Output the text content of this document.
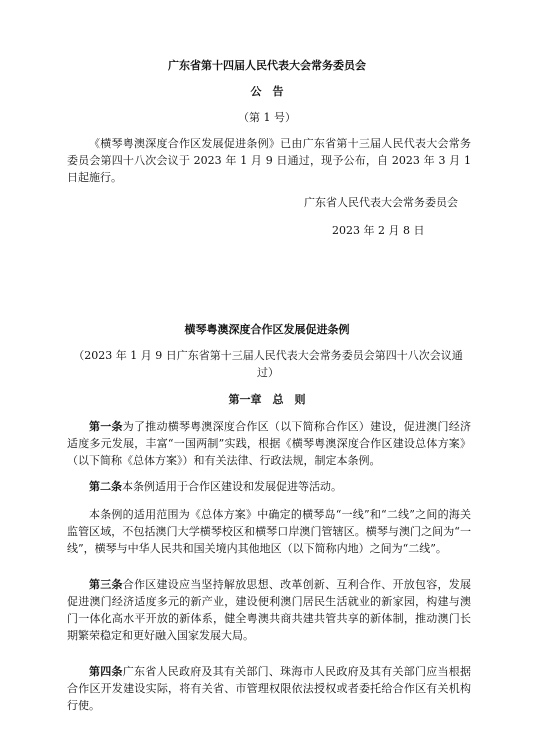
广东省第十四届人民代表大会常务委员会
公　告
（第 1 号）

《横琴粤澳深度合作区发展促进条例》已由广东省第十三届人民代表大会常务委员会第四十八次会议于 2023 年 1 月 9 日通过，现予公布，自 2023 年 3 月 1 日起施行。

广东省人民代表大会常务委员会
2023 年 2 月 8 日
横琴粤澳深度合作区发展促进条例
（2023 年 1 月 9 日广东省第十三届人民代表大会常务委员会第四十八次会议通过）
第一章　总　则

第一条为了推动横琴粤澳深度合作区（以下简称合作区）建设，促进澳门经济适度多元发展，丰富“一国两制”实践，根据《横琴粤澳深度合作区建设总体方案》（以下简称《总体方案》）和有关法律、行政法规，制定本条例。

第二条本条例适用于合作区建设和发展促进等活动。

本条例的适用范围为《总体方案》中确定的横琴岛“一线”和“二线”之间的海关监管区域，不包括澳门大学横琴校区和横琴口岸澳门管辖区。横琴与澳门之间为“一线”，横琴与中华人民共和国关境内其他地区（以下简称内地）之间为“二线”。

第三条合作区建设应当坚持解放思想、改革创新、互利合作、开放包容，发展促进澳门经济适度多元的新产业，建设便利澳门居民生活就业的新家园，构建与澳门一体化高水平开放的新体系，健全粤澳共商共建共管共享的新体制，推动澳门长期繁荣稳定和更好融入国家发展大局。

第四条广东省人民政府及其有关部门、珠海市人民政府及其有关部门应当根据合作区开发建设实际，将有关省、市管理权限依法授权或者委托给合作区有关机构行使。
